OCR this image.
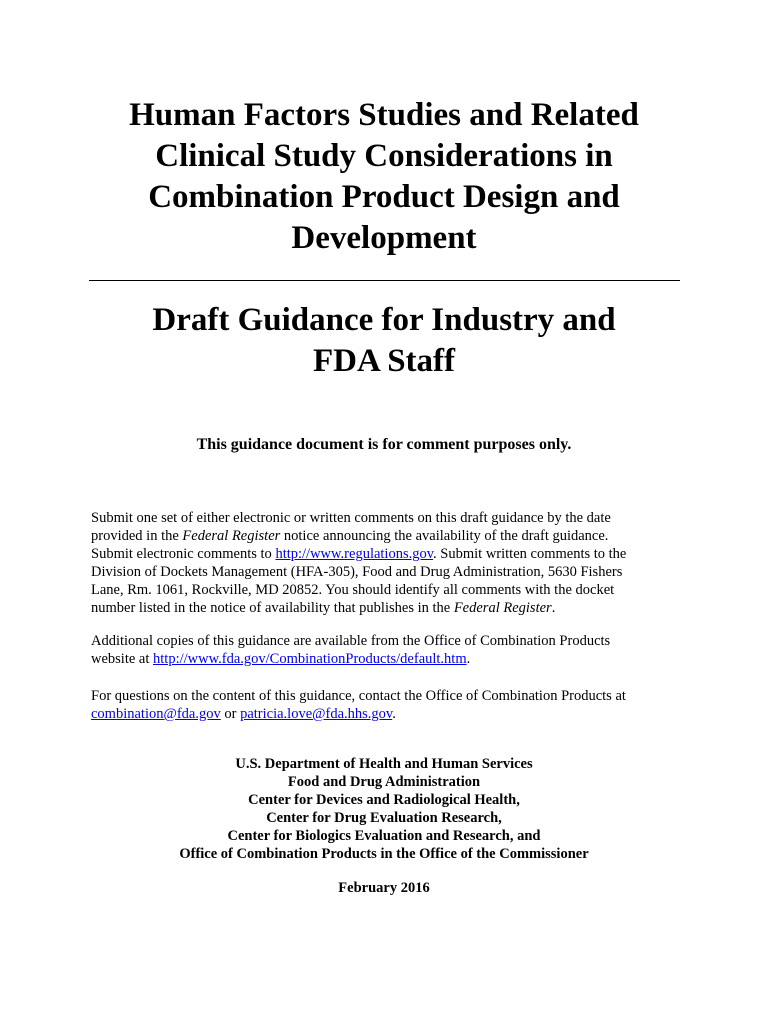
Human Factors Studies and Related
Clinical Study Considerations in
Combination Product Design and
Development
Draft Guidance for Industry and
FDA Staff
This guidance document is for comment purposes only.
Submit one set of either electronic or written comments on this draft guidance by the date
provided in the Federal Register notice announcing the availability of the draft guidance.
Submit electronic comments to http://www.regulations.gov. Submit written comments to the
Division of Dockets Management (HFA-305), Food and Drug Administration, 5630 Fishers
Lane, Rm. 1061, Rockville, MD 20852. You should identify all comments with the docket
number listed in the notice of availability that publishes in the Federal Register.
Additional copies of this guidance are available from the Office of Combination Products
website at http://www.fda.gov/CombinationProducts/default.htm.
For questions on the content of this guidance, contact the Office of Combination Products at
combination@fda.gov or patricia.love@fda.hhs.gov.
U.S. Department of Health and Human Services
Food and Drug Administration
Center for Devices and Radiological Health,
Center for Drug Evaluation Research,
Center for Biologics Evaluation and Research, and
Office of Combination Products in the Office of the Commissioner
February 2016
